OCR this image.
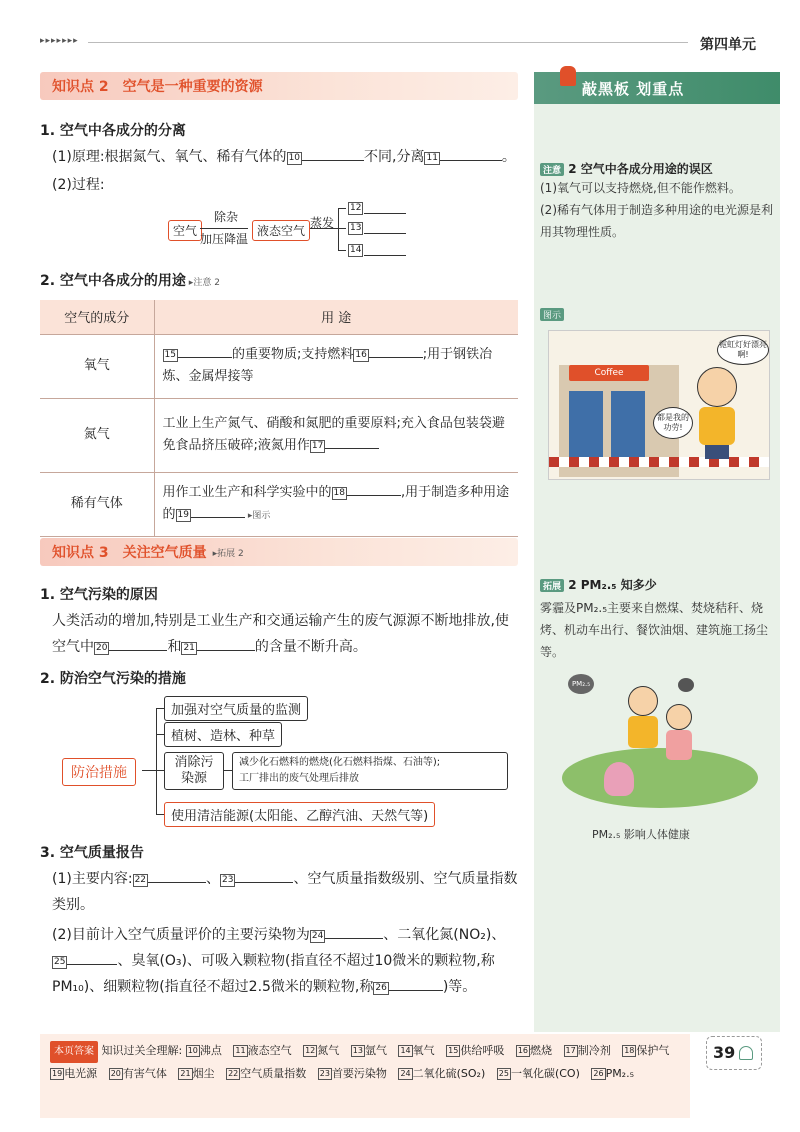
▸▸▸▸▸▸▸	第四单元
知识点 2 空气是一种重要的资源
1. 空气中各成分的分离
(1)原理:根据氮气、氧气、稀有气体的 10	不同,分离 11	。
(2)过程:
空气
除杂
加压降温
液态空气
蒸发
12
13
14
2. 空气中各成分的用途 ▸注意 2
空气的成分	用 途
氧气	15 的重要物质;支持燃料 16 ;用于钢铁冶炼、金属焊接等
氮气	工业上生产氮气、硝酸和氮肥的重要原料;充入食品包装袋避免食品挤压破碎;液氮用作 17
稀有气体	用作工业生产和科学实验中的 18 ,用于制造多种用途的 19 ▸图示
知识点 3 关注空气质量 ▸拓展 2
1. 空气污染的原因
人类活动的增加,特别是工业生产和交通运输产生的废气源源不断地排放,使空气中 20	和 21	的含量不断升高。
2. 防治空气污染的措施
防治措施
加强对空气质量的监测
植树、造林、种草
消除污染源
减少化石燃料的燃烧(化石燃料指煤、石油等);
工厂排出的废气处理后排放
使用清洁能源(太阳能、乙醇汽油、天然气等)
3. 空气质量报告
(1)主要内容: 22	、 23	、空气质量指数级别、空气质量指数类别。
(2)目前计入空气质量评价的主要污染物为 24	、二氧化氮(NO₂)、25	、臭氧(O₃)、可吸入颗粒物(指直径不超过10微米的颗粒物,称PM₁₀)、细颗粒物(指直径不超过2.5微米的颗粒物,称 26	)等。
敲黑板 划重点
注意 2 空气中各成分用途的误区
(1)氧气可以支持燃烧,但不能作燃料。
(2)稀有气体用于制造多种用途的电光源是利用其物理性质。
图示
Coffee
霓虹灯好漂亮啊!
都是我的功劳!
拓展 2 PM₂.₅ 知多少
雾霾及PM₂.₅主要来自燃煤、焚烧秸秆、烧烤、机动车出行、餐饮油烟、建筑施工扬尘等。
PM₂.₅
PM₂.₅ 影响人体健康
本页答案 知识过关全理解: 10 沸点 11 液态空气 12 氮气 13 氩气 14 氧气 15 供给呼吸 16 燃烧 17 制冷剂 18 保护气 19 电光源 20 有害气体 21 烟尘 22 空气质量指数 23 首要污染物 24 二氧化硫(SO₂) 25 一氧化碳(CO) 26 PM₂.₅
39
